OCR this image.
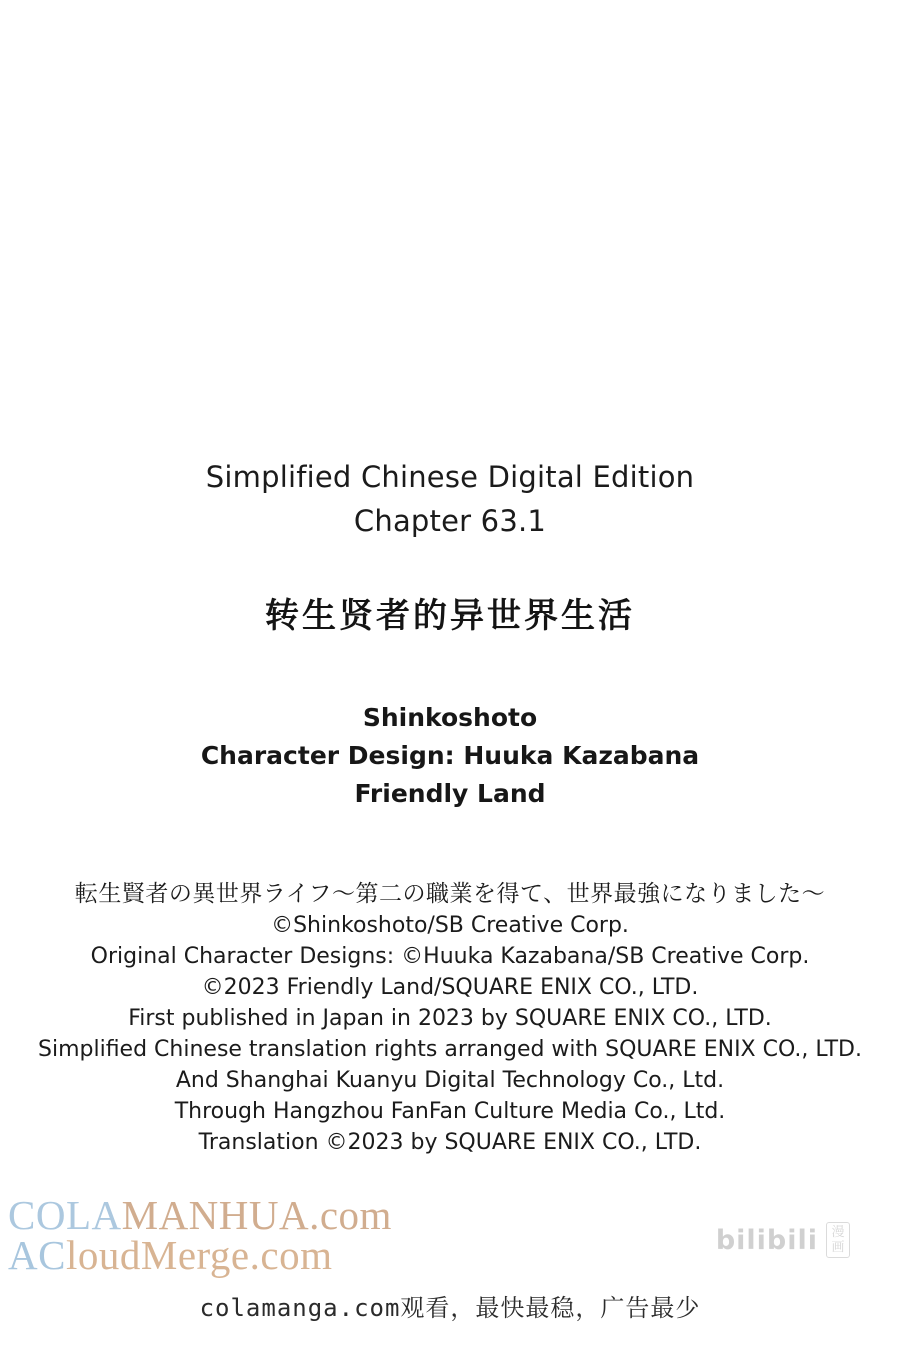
Simplified Chinese Digital Edition
Chapter 63.1
转生贤者的异世界生活
Shinkoshoto
Character Design: Huuka Kazabana
Friendly Land
転生賢者の異世界ライフ～第二の職業を得て、世界最強になりました～
©Shinkoshoto/SB Creative Corp.
Original Character Designs: ©Huuka Kazabana/SB Creative Corp.
©2023 Friendly Land/SQUARE ENIX CO., LTD.
First published in Japan in 2023 by SQUARE ENIX CO., LTD.
Simplified Chinese translation rights arranged with SQUARE ENIX CO., LTD.
And Shanghai Kuanyu Digital Technology Co., Ltd.
Through Hangzhou FanFan Culture Media Co., Ltd.
Translation ©2023 by SQUARE ENIX CO., LTD.
COLAMANHUA.com
ACloudMerge.com	bilibili	漫画
colamanga.com观看，最快最稳，广告最少
